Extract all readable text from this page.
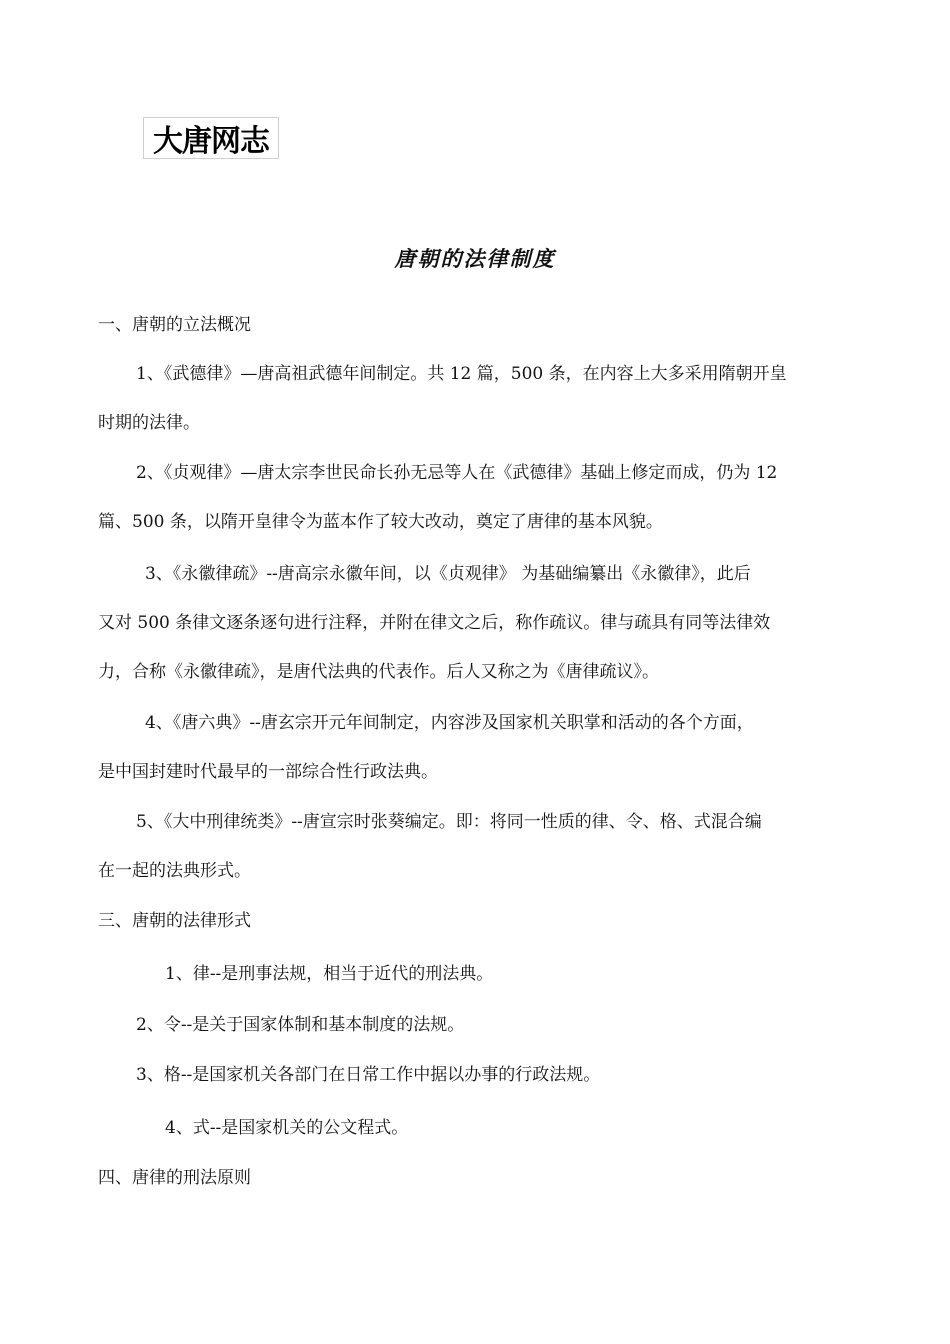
大唐网志
唐朝的法律制度
一、唐朝的立法概况
1、《武德律》—唐高祖武德年间制定。共 12 篇，500 条，在内容上大多采用隋朝开皇
时期的法律。
2、《贞观律》—唐太宗李世民命长孙无忌等人在《武德律》基础上修定而成，仍为 12
篇、500 条，以隋开皇律令为蓝本作了较大改动，奠定了唐律的基本风貌。
3、《永徽律疏》--唐高宗永徽年间，以《贞观律》 为基础编纂出《永徽律》，此后
又对 500 条律文逐条逐句进行注释，并附在律文之后，称作疏议。律与疏具有同等法律效
力，合称《永徽律疏》，是唐代法典的代表作。后人又称之为《唐律疏议》。
4、《唐六典》--唐玄宗开元年间制定，内容涉及国家机关职掌和活动的各个方面，
是中国封建时代最早的一部综合性行政法典。
5、《大中刑律统类》--唐宣宗时张葵编定。即：将同一性质的律、令、格、式混合编
在一起的法典形式。
三、唐朝的法律形式
1、律--是刑事法规，相当于近代的刑法典。
2、令--是关于国家体制和基本制度的法规。
3、格--是国家机关各部门在日常工作中据以办事的行政法规。
4、式--是国家机关的公文程式。
四、唐律的刑法原则
